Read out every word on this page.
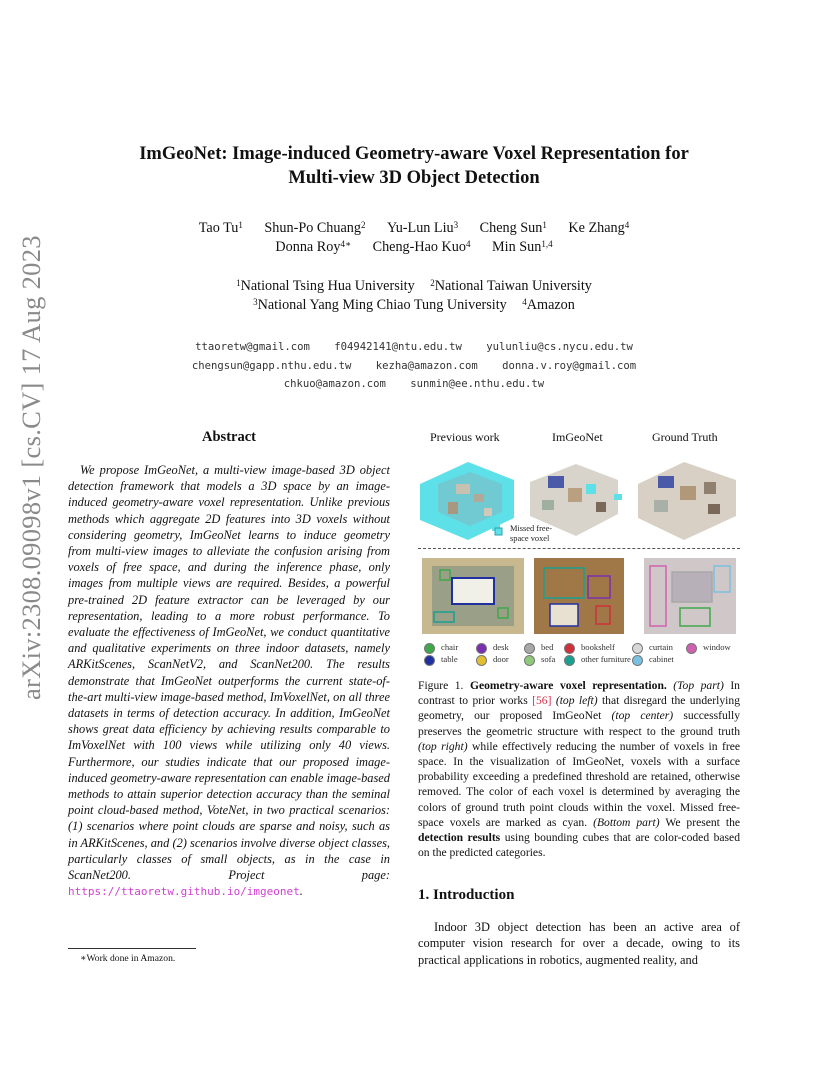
arXiv:2308.09098v1 [cs.CV] 17 Aug 2023
ImGeoNet: Image-induced Geometry-aware Voxel Representation for
Multi-view 3D Object Detection
Tao Tu$^1$ Shun-Po Chuang$^2$ Yu-Lun Liu$^3$ Cheng Sun$^1$ Ke Zhang$^4$
Donna Roy$^{4∗}$ Cheng-Hao Kuo$^4$ Min Sun$^{1,4}$
$^1$National Tsing Hua University $^2$National Taiwan University
$^3$National Yang Ming Chiao Tung University $^4$Amazon
ttaoretw@gmail.com f04942141@ntu.edu.tw yulunliu@cs.nycu.edu.tw
chengsun@gapp.nthu.edu.tw kezha@amazon.com donna.v.roy@gmail.com
chkuo@amazon.com sunmin@ee.nthu.edu.tw
Abstract
We propose ImGeoNet, a multi-view image-based 3D object detection framework that models a 3D space by an image-induced geometry-aware voxel representation. Unlike previous methods which aggregate 2D features into 3D voxels without considering geometry, ImGeoNet learns to induce geometry from multi-view images to alleviate the confusion arising from voxels of free space, and during the inference phase, only images from multiple views are required. Besides, a powerful pre-trained 2D feature extractor can be leveraged by our representation, leading to a more robust performance. To evaluate the effectiveness of ImGeoNet, we conduct quantitative and qualitative experiments on three indoor datasets, namely ARKitScenes, ScanNetV2, and ScanNet200. The results demonstrate that ImGeoNet outperforms the current state-of-the-art multi-view image-based method, ImVoxelNet, on all three datasets in terms of detection accuracy. In addition, ImGeoNet shows great data efficiency by achieving results comparable to ImVoxelNet with 100 views while utilizing only 40 views. Furthermore, our studies indicate that our proposed image-induced geometry-aware representation can enable image-based methods to attain superior detection accuracy than the seminal point cloud-based method, VoteNet, in two practical scenarios: (1) scenarios where point clouds are sparse and noisy, such as in ARKitScenes, and (2) scenarios involve diverse object classes, particularly classes of small objects, as in the case in ScanNet200. Project page: https://ttaoretw.github.io/imgeonet.
∗Work done in Amazon.
Previous work	ImGeoNet	Ground Truth
Missed free-
space voxel
chair	desk	bed	bookshelf	curtain	window
table	door	sofa	other furniture	cabinet
Figure 1. Geometry-aware voxel representation. (Top part) In contrast to prior works [56] (top left) that disregard the underlying geometry, our proposed ImGeoNet (top center) successfully preserves the geometric structure with respect to the ground truth (top right) while effectively reducing the number of voxels in free space. In the visualization of ImGeoNet, voxels with a surface probability exceeding a predefined threshold are retained, otherwise removed. The color of each voxel is determined by averaging the colors of ground truth point clouds within the voxel. Missed free-space voxels are marked as cyan. (Bottom part) We present the detection results using bounding cubes that are color-coded based on the predicted categories.
1. Introduction
Indoor 3D object detection has been an active area of computer vision research for over a decade, owing to its practical applications in robotics, augmented reality, and
